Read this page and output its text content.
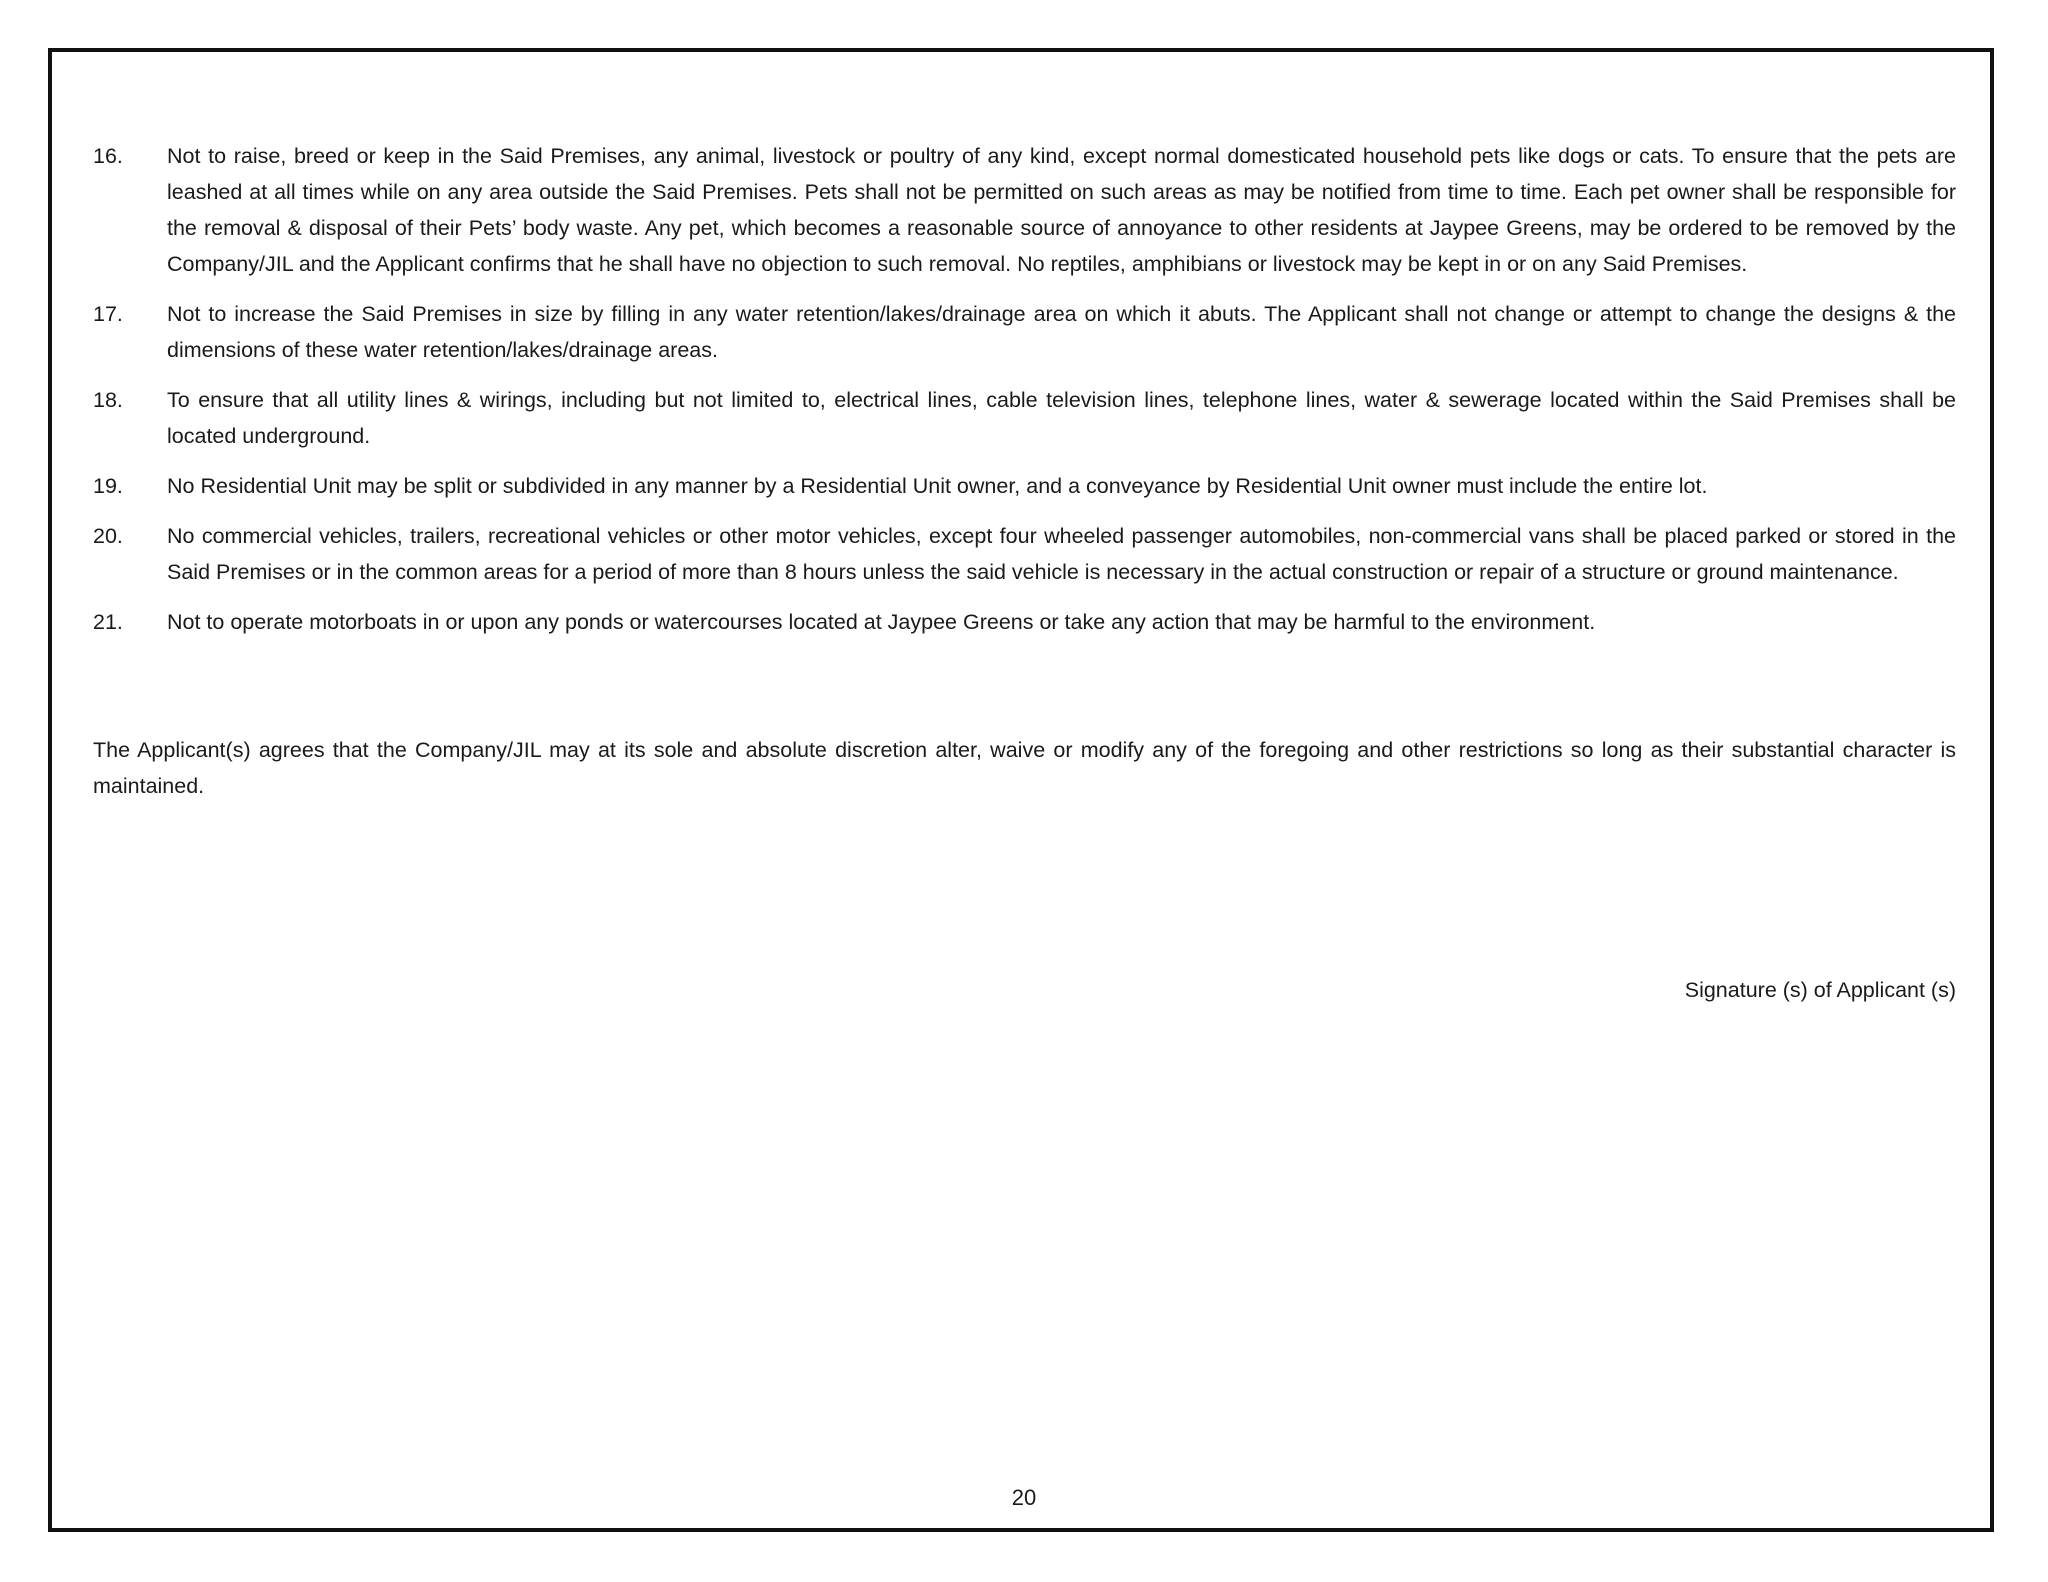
16.	Not to raise, breed or keep in the Said Premises, any animal, livestock or poultry of any kind, except normal domesticated household pets like dogs or cats. To ensure that the pets are leashed at all times while on any area outside the Said Premises. Pets shall not be permitted on such areas as may be notified from time to time. Each pet owner shall be responsible for the removal & disposal of their Pets’ body waste. Any pet, which becomes a reasonable source of annoyance to other residents at Jaypee Greens, may be ordered to be removed by the Company/JIL and the Applicant confirms that he shall have no objection to such removal. No reptiles, amphibians or livestock may be kept in or on any Said Premises.
17.	Not to increase the Said Premises in size by filling in any water retention/lakes/drainage area on which it abuts. The Applicant shall not change or attempt to change the designs & the dimensions of these water retention/lakes/drainage areas.
18.	To ensure that all utility lines & wirings, including but not limited to, electrical lines, cable television lines, telephone lines, water & sewerage located within the Said Premises shall be located underground.
19.	No Residential Unit may be split or subdivided in any manner by a Residential Unit owner, and a conveyance by Residential Unit owner must include the entire lot.
20.	No commercial vehicles, trailers, recreational vehicles or other motor vehicles, except four wheeled passenger automobiles, non-commercial vans shall be placed parked or stored in the Said Premises or in the common areas for a period of more than 8 hours unless the said vehicle is necessary in the actual construction or repair of a structure or ground maintenance.
21.	Not to operate motorboats in or upon any ponds or watercourses located at Jaypee Greens or take any action that may be harmful to the environment.

The Applicant(s) agrees that the Company/JIL may at its sole and absolute discretion alter, waive or modify any of the foregoing and other restrictions so long as their substantial character is maintained.

Signature (s) of Applicant (s)

20
